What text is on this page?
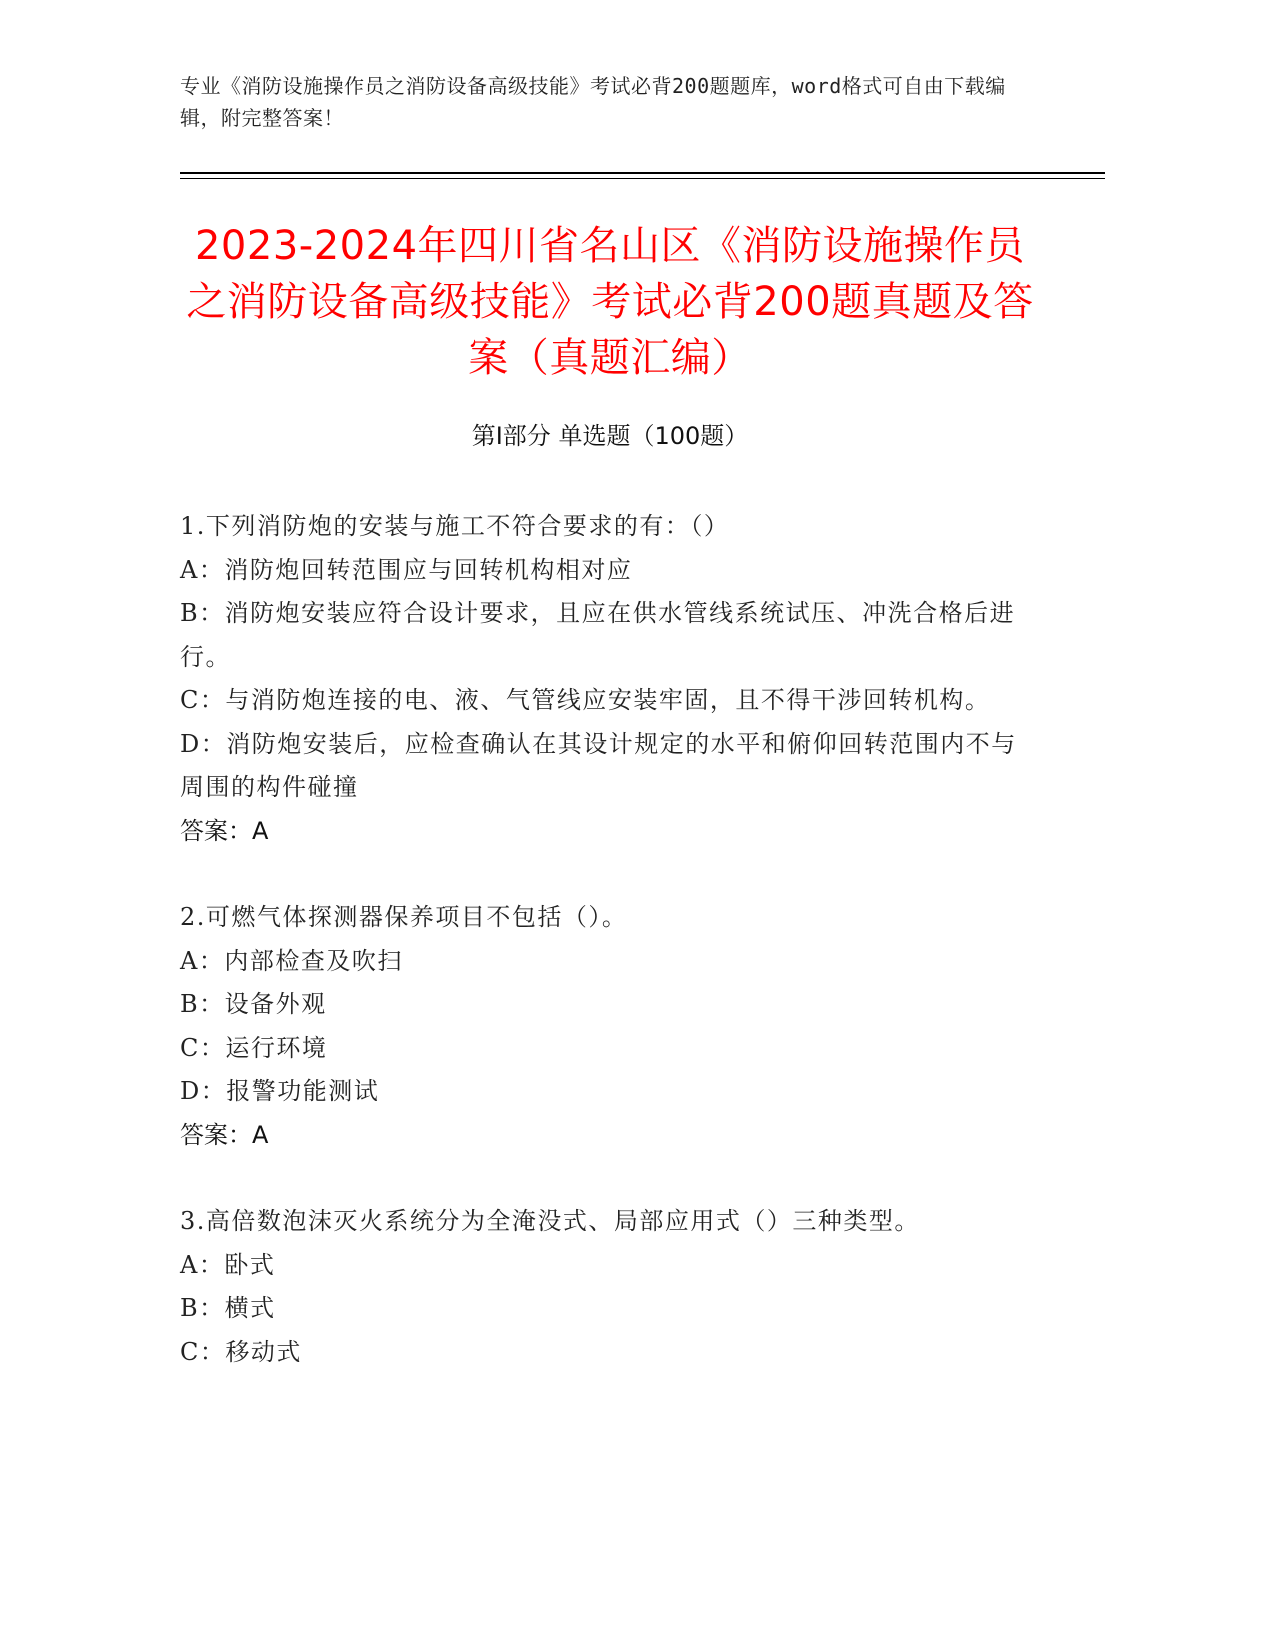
专业《消防设施操作员之消防设备高级技能》考试必背200题题库，word格式可自由下载编辑，附完整答案！
2023-2024年四川省名山区《消防设施操作员之消防设备高级技能》考试必背200题真题及答案（真题汇编）
第Ⅰ部分 单选题（100题）
1.下列消防炮的安装与施工不符合要求的有：（）
A：消防炮回转范围应与回转机构相对应
B：消防炮安装应符合设计要求，且应在供水管线系统试压、冲洗合格后进行。
C：与消防炮连接的电、液、气管线应安装牢固，且不得干涉回转机构。
D：消防炮安装后，应检查确认在其设计规定的水平和俯仰回转范围内不与周围的构件碰撞
答案：A
2.可燃气体探测器保养项目不包括（）。
A：内部检查及吹扫
B：设备外观
C：运行环境
D：报警功能测试
答案：A
3.高倍数泡沫灭火系统分为全淹没式、局部应用式（）三种类型。
A：卧式
B：横式
C：移动式
